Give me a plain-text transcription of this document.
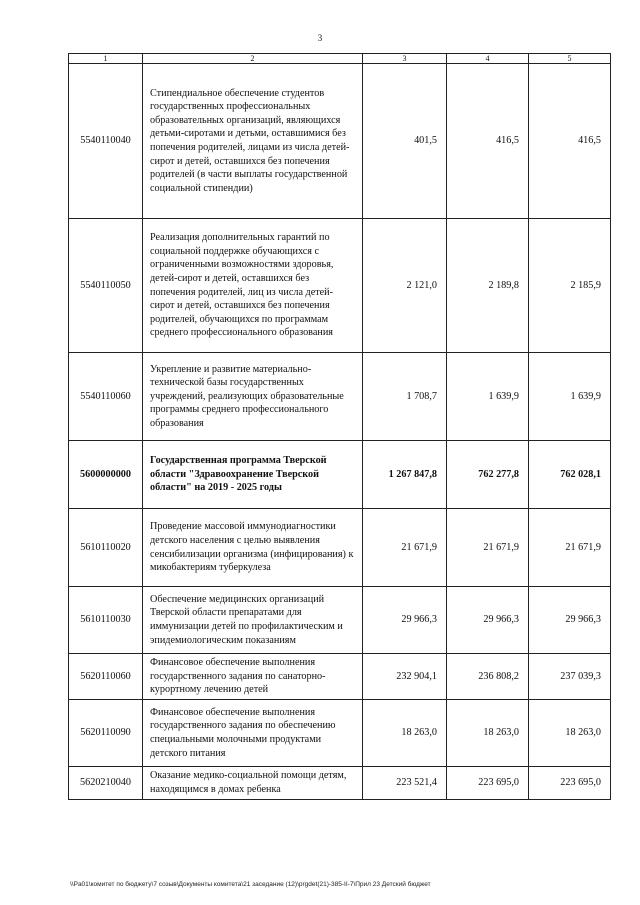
3
1	2	3	4	5
5540110040	Стипендиальное обеспечение студентов государственных профессиональных образовательных организаций, являющихся детьми-сиротами и детьми, оставшимися без попечения родителей, лицами из числа детей-сирот и детей, оставшихся без попечения родителей (в части выплаты государственной социальной стипендии)	401,5	416,5	416,5
5540110050	Реализация дополнительных гарантий по социальной поддержке обучающихся с ограниченными возможностями здоровья, детей-сирот и детей, оставшихся без попечения родителей, лиц из числа детей-сирот и детей, оставшихся без попечения родителей, обучающихся по программам среднего профессионального образования	2 121,0	2 189,8	2 185,9
5540110060	Укрепление и развитие материально-технической базы государственных учреждений, реализующих образовательные программы среднего профессионального образования	1 708,7	1 639,9	1 639,9
5600000000	Государственная программа Тверской области "Здравоохранение Тверской области" на 2019 - 2025 годы	1 267 847,8	762 277,8	762 028,1
5610110020	Проведение массовой иммунодиагностики детского населения с целью выявления сенсибилизации организма (инфицирования) к микобактериям туберкулеза	21 671,9	21 671,9	21 671,9
5610110030	Обеспечение медицинских организаций Тверской области препаратами для иммунизации детей по профилактическим и эпидемиологическим показаниям	29 966,3	29 966,3	29 966,3
5620110060	Финансовое обеспечение выполнения государственного задания по санаторно-курортному лечению детей	232 904,1	236 808,2	237 039,3
5620110090	Финансовое обеспечение выполнения государственного задания по обеспечению специальными молочными продуктами детского питания	18 263,0	18 263,0	18 263,0
5620210040	Оказание медико-социальной помощи детям, находящимся в домах ребенка	223 521,4	223 695,0	223 695,0
\\Pa01\комитет по бюджету\7 созыв\Документы комитета\21 заседание (12)\prgdet(21)-385-II-7\Прил 23 Детский бюджет
